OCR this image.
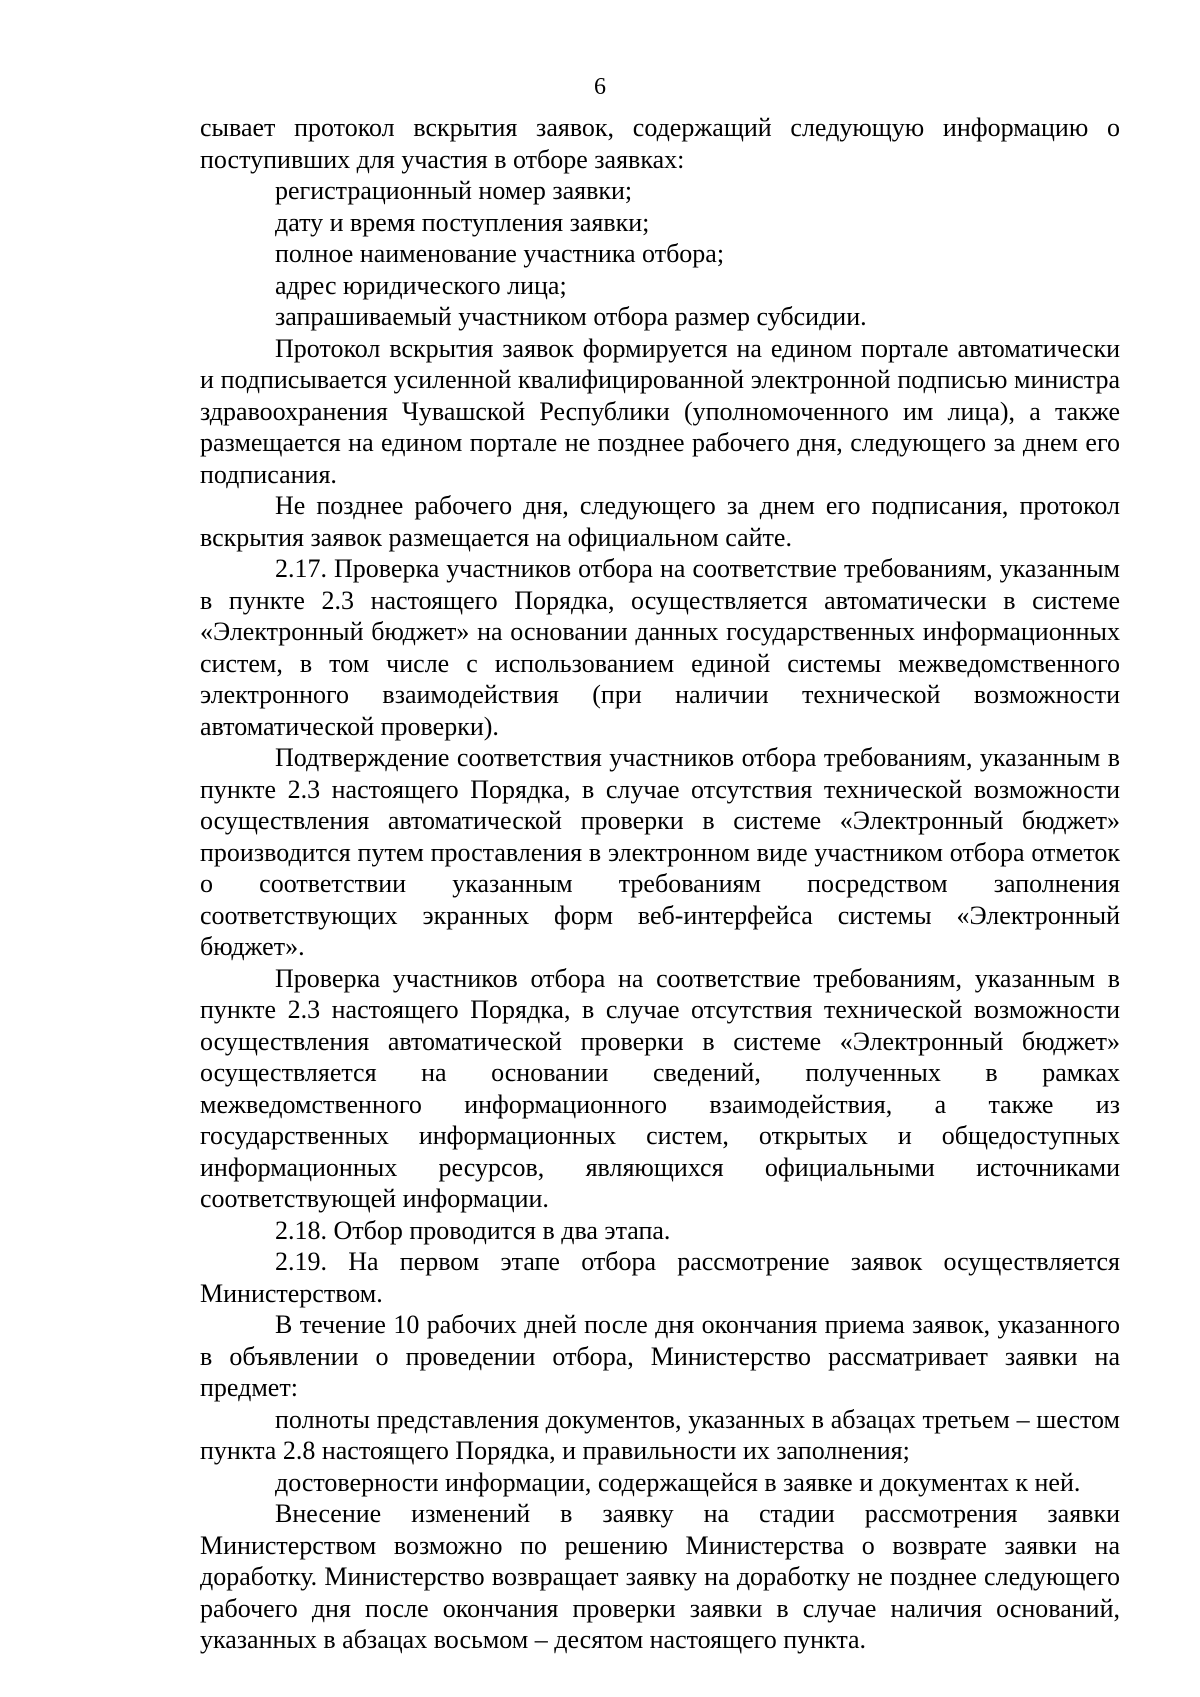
6

сывает протокол вскрытия заявок, содержащий следующую информацию о поступивших для участия в отборе заявках:

регистрационный номер заявки;

дату и время поступления заявки;

полное наименование участника отбора;

адрес юридического лица;

запрашиваемый участником отбора размер субсидии.

Протокол вскрытия заявок формируется на едином портале автоматически и подписывается усиленной квалифицированной электронной подписью министра здравоохранения Чувашской Республики (уполномоченного им лица), а также размещается на едином портале не позднее рабочего дня, следующего за днем его подписания.

Не позднее рабочего дня, следующего за днем его подписания, протокол вскрытия заявок размещается на официальном сайте.

2.17. Проверка участников отбора на соответствие требованиям, указанным в пункте 2.3 настоящего Порядка, осуществляется автоматически в системе «Электронный бюджет» на основании данных государственных информационных систем, в том числе с использованием единой системы межведомственного электронного взаимодействия (при наличии технической возможности автоматической проверки).

Подтверждение соответствия участников отбора требованиям, указанным в пункте 2.3 настоящего Порядка, в случае отсутствия технической возможности осуществления автоматической проверки в системе «Электронный бюджет» производится путем проставления в электронном виде участником отбора отметок о соответствии указанным требованиям посредством заполнения соответствующих экранных форм веб-интерфейса системы «Электронный бюджет».

Проверка участников отбора на соответствие требованиям, указанным в пункте 2.3 настоящего Порядка, в случае отсутствия технической возможности осуществления автоматической проверки в системе «Электронный бюджет» осуществляется на основании сведений, полученных в рамках межведомственного информационного взаимодействия, а также из государственных информационных систем, открытых и общедоступных информационных ресурсов, являющихся официальными источниками соответствующей информации.

2.18. Отбор проводится в два этапа.

2.19. На первом этапе отбора рассмотрение заявок осуществляется Министерством.

В течение 10 рабочих дней после дня окончания приема заявок, указанного в объявлении о проведении отбора, Министерство рассматривает заявки на предмет:

полноты представления документов, указанных в абзацах третьем – шестом пункта 2.8 настоящего Порядка, и правильности их заполнения;

достоверности информации, содержащейся в заявке и документах к ней.

Внесение изменений в заявку на стадии рассмотрения заявки Министерством возможно по решению Министерства о возврате заявки на доработку. Министерство возвращает заявку на доработку не позднее следующего рабочего дня после окончания проверки заявки в случае наличия оснований, указанных в абзацах восьмом – десятом настоящего пункта.
